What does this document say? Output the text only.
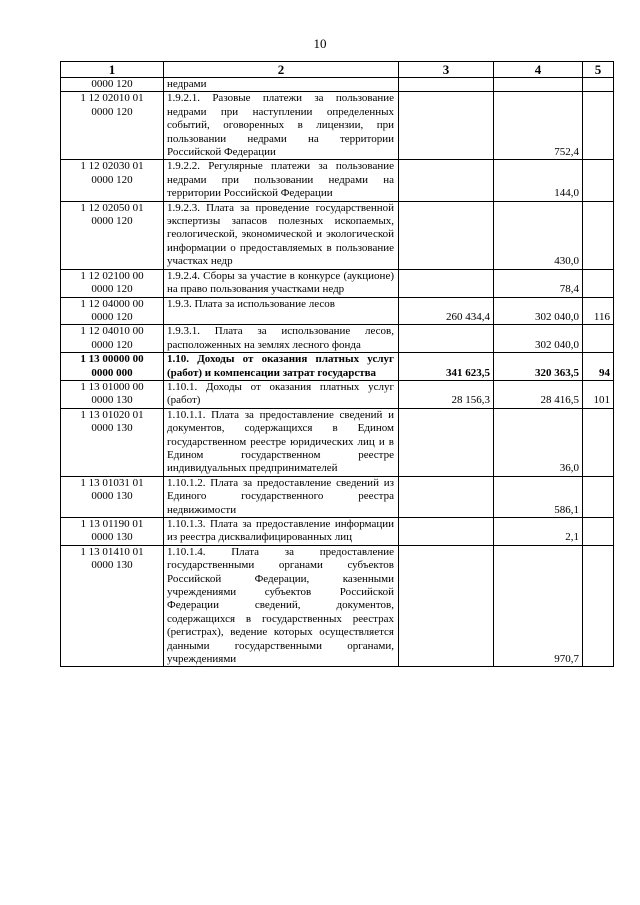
10
1	2	3	4	5
0000 120	недрами			
1 12 02010 01
0000 120	1.9.2.1. Разовые платежи за пользование недрами при наступлении определенных событий, оговоренных в лицензии, при пользовании недрами на территории Российской Федерации		752,4	
1 12 02030 01
0000 120	1.9.2.2. Регулярные платежи за пользование недрами при пользовании недрами на территории Российской Федерации		144,0	
1 12 02050 01
0000 120	1.9.2.3. Плата за проведение государственной экспертизы запасов полезных ископаемых, геологической, экономической и экологической информации о предоставляемых в пользование участках недр		430,0	
1 12 02100 00
0000 120	1.9.2.4. Сборы за участие в конкурсе (аукционе) на право пользования участками недр		78,4	
1 12 04000 00
0000 120	1.9.3. Плата за использование лесов	260 434,4	302 040,0	116
1 12 04010 00
0000 120	1.9.3.1. Плата за использование лесов, расположенных на землях лесного фонда		302 040,0	
1 13 00000 00
0000 000	1.10. Доходы от оказания платных услуг (работ) и компенсации затрат государства	341 623,5	320 363,5	94
1 13 01000 00
0000 130	1.10.1. Доходы от оказания платных услуг (работ)	28 156,3	28 416,5	101
1 13 01020 01
0000 130	1.10.1.1. Плата за предоставление сведений и документов, содержащихся в Едином государственном реестре юридических лиц и в Едином государственном реестре индивидуальных предпринимателей		36,0	
1 13 01031 01
0000 130	1.10.1.2. Плата за предоставление сведений из Единого государственного реестра недвижимости		586,1	
1 13 01190 01
0000 130	1.10.1.3. Плата за предоставление информации из реестра дисквалифицированных лиц		2,1	
1 13 01410 01
0000 130	1.10.1.4. Плата за предоставление государственными органами субъектов Российской Федерации, казенными учреждениями субъектов Российской Федерации сведений, документов, содержащихся в государственных реестрах (регистрах), ведение которых осуществляется данными государственными органами, учреждениями		970,7	
